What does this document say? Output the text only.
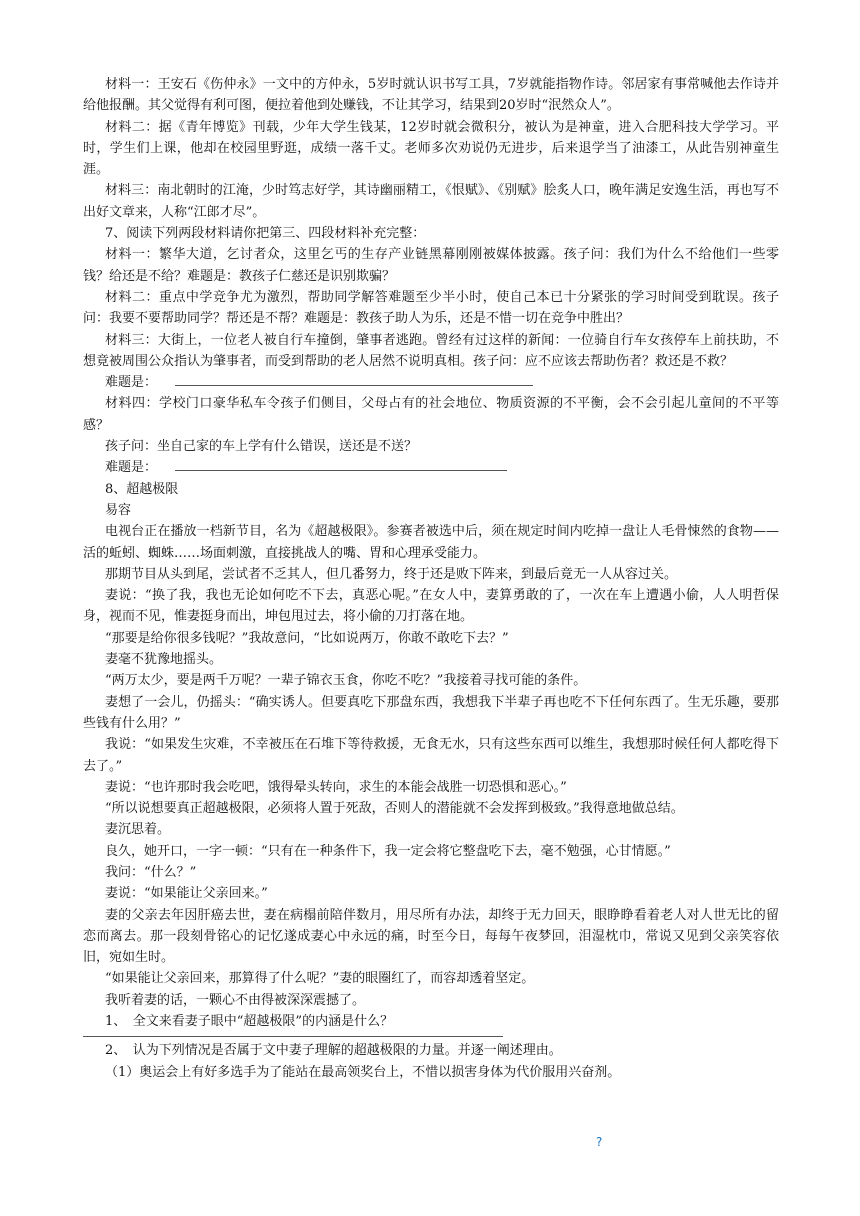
材料一：王安石《伤仲永》一文中的方仲永，5岁时就认识书写工具，7岁就能指物作诗。邻居家有事常喊他去作诗并给他报酬。其父觉得有利可图，便拉着他到处赚钱，不让其学习，结果到20岁时“泯然众人”。

材料二：据《青年博览》刊载，少年大学生钱某，12岁时就会微积分，被认为是神童，进入合肥科技大学学习。平时，学生们上课，他却在校园里野逛，成绩一落千丈。老师多次劝说仍无进步，后来退学当了油漆工，从此告别神童生涯。

材料三：南北朝时的江淹，少时笃志好学，其诗幽丽精工，《恨赋》、《别赋》脍炙人口，晚年满足安逸生活，再也写不出好文章来，人称“江郎才尽”。

7、阅读下列两段材料请你把第三、四段材料补充完整：

材料一：繁华大道，乞讨者众，这里乞丐的生存产业链黑幕刚刚被媒体披露。孩子问：我们为什么不给他们一些零钱？给还是不给？难题是：教孩子仁慈还是识别欺骗？

材料二：重点中学竞争尤为激烈，帮助同学解答难题至少半小时，使自己本已十分紧张的学习时间受到耽误。孩子问：我要不要帮助同学？帮还是不帮？难题是：教孩子助人为乐，还是不惜一切在竞争中胜出？

材料三：大街上，一位老人被自行车撞倒，肇事者逃跑。曾经有过这样的新闻：一位骑自行车女孩停车上前扶助，不想竟被周围公众指认为肇事者，而受到帮助的老人居然不说明真相。孩子问：应不应该去帮助伤者？救还是不救？

难题是：

材料四：学校门口豪华私车令孩子们侧目，父母占有的社会地位、物质资源的不平衡，会不会引起儿童间的不平等感？

孩子问：坐自己家的车上学有什么错误，送还是不送？

难题是：

8、超越极限

易容

电视台正在播放一档新节目，名为《超越极限》。参赛者被选中后，须在规定时间内吃掉一盘让人毛骨悚然的食物——活的蚯蚓、蜘蛛……场面刺激，直接挑战人的嘴、胃和心理承受能力。

那期节目从头到尾，尝试者不乏其人，但几番努力，终于还是败下阵来，到最后竟无一人从容过关。

妻说：“换了我，我也无论如何吃不下去，真恶心呢。”在女人中，妻算勇敢的了，一次在车上遭遇小偷，人人明哲保身，视而不见，惟妻挺身而出，坤包甩过去，将小偷的刀打落在地。

“那要是给你很多钱呢？”我故意问，“比如说两万，你敢不敢吃下去？”

妻毫不犹豫地摇头。

“两万太少，要是两千万呢？一辈子锦衣玉食，你吃不吃？”我接着寻找可能的条件。

妻想了一会儿，仍摇头：“确实诱人。但要真吃下那盘东西，我想我下半辈子再也吃不下任何东西了。生无乐趣，要那些钱有什么用？”

我说：“如果发生灾难，不幸被压在石堆下等待救援，无食无水，只有这些东西可以维生，我想那时候任何人都吃得下去了。”

妻说：“也许那时我会吃吧，饿得晕头转向，求生的本能会战胜一切恐惧和恶心。”

“所以说想要真正超越极限，必须将人置于死敌，否则人的潜能就不会发挥到极致。”我得意地做总结。

妻沉思着。

良久，她开口，一字一顿：“只有在一种条件下，我一定会将它整盘吃下去，毫不勉强，心甘情愿。”

我问：“什么？”

妻说：“如果能让父亲回来。”

妻的父亲去年因肝癌去世，妻在病榻前陪伴数月，用尽所有办法，却终于无力回天，眼睁睁看着老人对人世无比的留恋而离去。那一段刻骨铭心的记忆遂成妻心中永远的痛，时至今日，每每午夜梦回，泪湿枕巾，常说又见到父亲笑容依旧，宛如生时。

“如果能让父亲回来，那算得了什么呢？”妻的眼圈红了，而容却透着坚定。

我听着妻的话，一颗心不由得被深深震撼了。

1、　全文来看妻子眼中“超越极限”的内涵是什么？

2、　认为下列情况是否属于文中妻子理解的超越极限的力量。并逐一阐述理由。

（1）奥运会上有好多选手为了能站在最高领奖台上，不惜以损害身体为代价服用兴奋剂。

?
